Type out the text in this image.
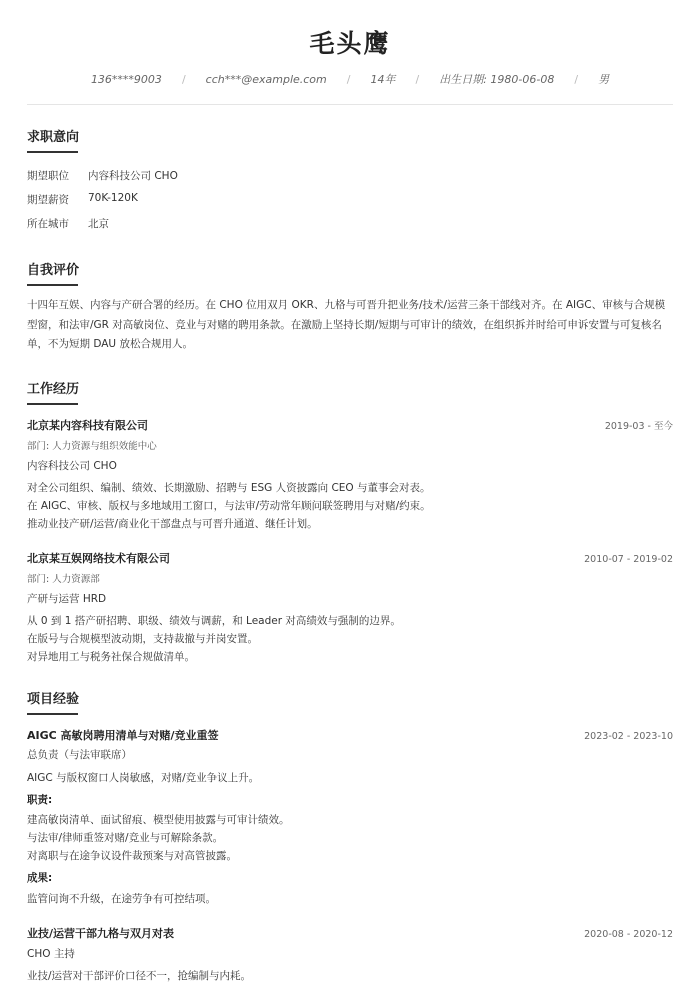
毛头鹰
136****9003 / cch***@example.com / 14年 / 出生日期: 1980-06-08 / 男
求职意向
期望职位	内容科技公司 CHO
期望薪资	70K-120K
所在城市	北京
自我评价
十四年互娱、内容与产研合署的经历。在 CHO 位用双月 OKR、九格与可晋升把业务/技术/运营三条干部线对齐。在 AIGC、审核与合规模
型窗，和法审/GR 对高敏岗位、竞业与对赌的聘用条款。在激励上坚持长期/短期与可审计的绩效，在组织拆并时给可申诉安置与可复核名
单，不为短期 DAU 放松合规用人。
工作经历
北京某内容科技有限公司	2019-03 - 至今
部门: 人力资源与组织效能中心
内容科技公司 CHO
对全公司组织、编制、绩效、长期激励、招聘与 ESG 人资披露向 CEO 与董事会对表。
在 AIGC、审核、版权与多地域用工窗口，与法审/劳动常年顾问联签聘用与对赌/约束。
推动业技产研/运营/商业化干部盘点与可晋升通道、继任计划。
北京某互娱网络技术有限公司	2010-07 - 2019-02
部门: 人力资源部
产研与运营 HRD
从 0 到 1 搭产研招聘、职级、绩效与调薪，和 Leader 对高绩效与强制的边界。
在版号与合规模型波动期，支持裁撤与并岗安置。
对异地用工与税务社保合规做清单。
项目经验
AIGC 高敏岗聘用清单与对赌/竞业重签	2023-02 - 2023-10
总负责（与法审联席）
AIGC 与版权窗口人岗敏感，对赌/竞业争议上升。
职责:
建高敏岗清单、面试留痕、模型使用披露与可审计绩效。
与法审/律师重签对赌/竞业与可解除条款。
对离职与在途争议设件裁预案与对高管披露。
成果:
监管问询不升级，在途劳争有可控结项。
业技/运营干部九格与双月对表	2020-08 - 2020-12
CHO 主持
业技/运营对干部评价口径不一，抢编制与内耗。
